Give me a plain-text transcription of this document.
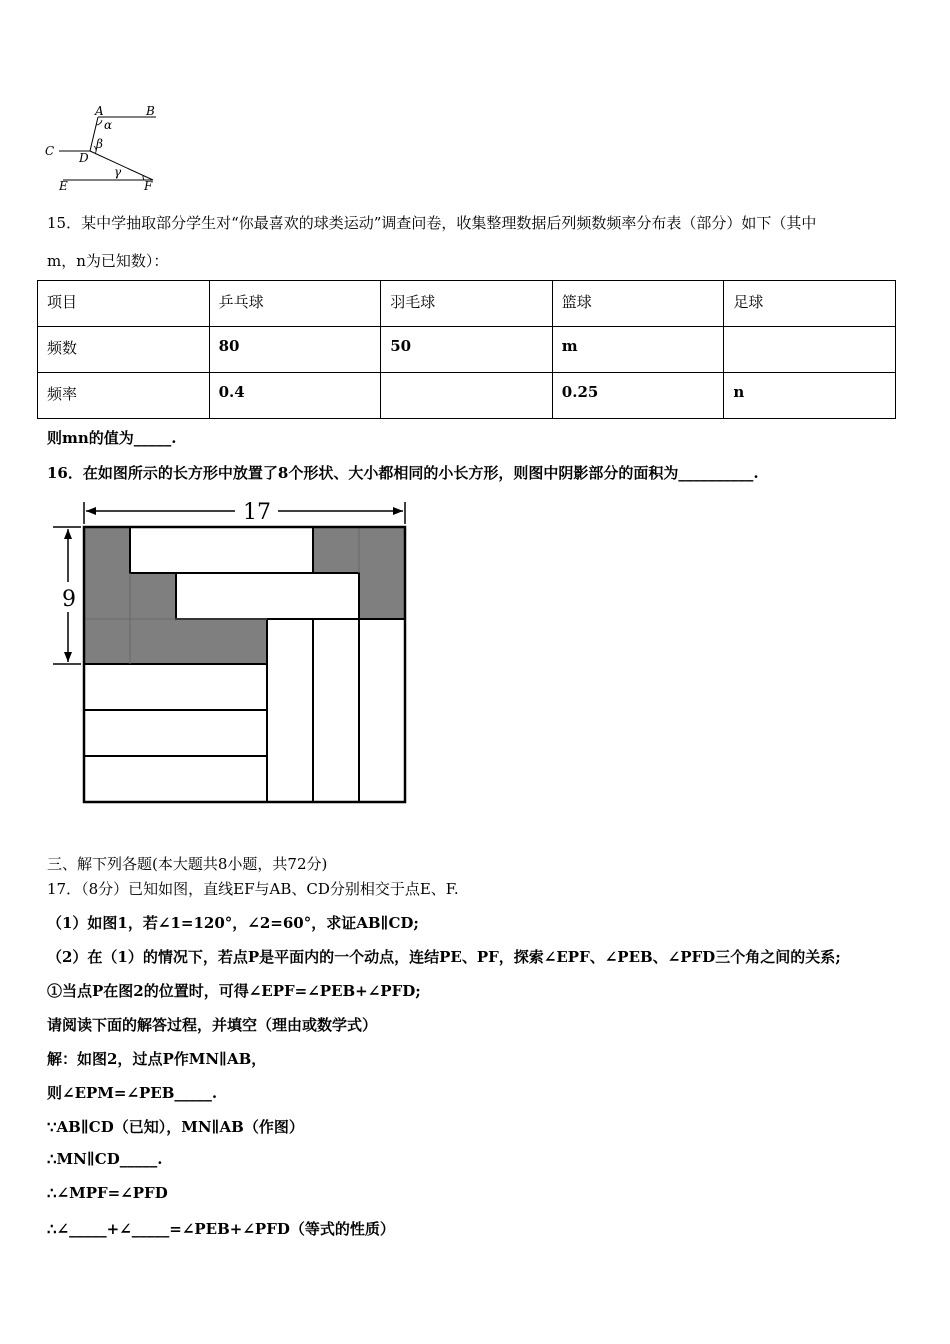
A	B
C D
E	F
α
β
γ
15．某中学抽取部分学生对“你最喜欢的球类运动”调查问卷，收集整理数据后列频数频率分布表（部分）如下（其中
m，n为已知数）：
项目	乒乓球	羽毛球	篮球	足球
频数	80	50	m	
频率	0.4		0.25	n
则mn的值为_____.
16．在如图所示的长方形中放置了8个形状、大小都相同的小长方形，则图中阴影部分的面积为__________.
17
9
三、解下列各题(本大题共8小题，共72分)
17．（8分）已知如图，直线EF与AB、CD分别相交于点E、F.
（1）如图1，若∠1=120°，∠2=60°，求证AB∥CD;
（2）在（1）的情况下，若点P是平面内的一个动点，连结PE、PF，探索∠EPF、∠PEB、∠PFD三个角之间的关系;
①当点P在图2的位置时，可得∠EPF=∠PEB+∠PFD;
请阅读下面的解答过程，并填空（理由或数学式）
解：如图2，过点P作MN∥AB，
则∠EPM=∠PEB_____.
∵AB∥CD（已知），MN∥AB（作图）
∴MN∥CD_____.
∴∠MPF=∠PFD
∴∠_____+∠_____=∠PEB+∠PFD（等式的性质）
